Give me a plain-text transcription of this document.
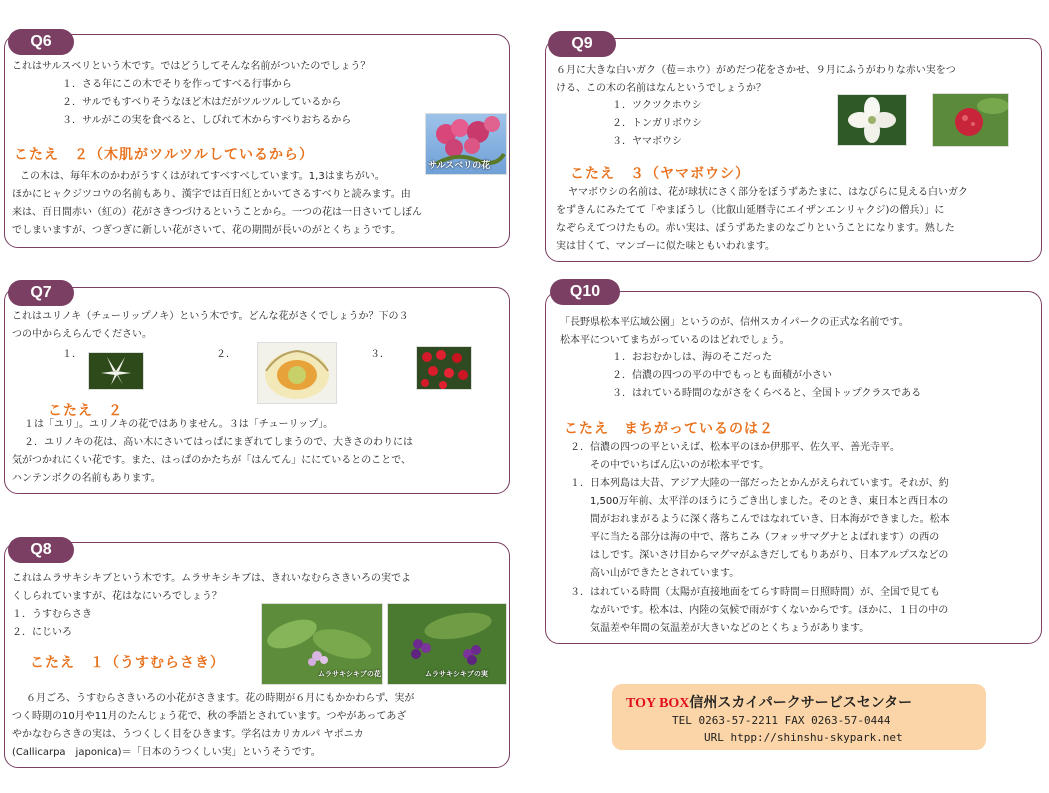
Q6
これはサルスベリという木です。ではどうしてそんな名前がついたのでしょう？
１．さる年にこの木でそりを作ってすべる行事から
２．サルでもすべりそうなほど木はだがツルツルしているから
３．サルがこの実を食べると、しびれて木からすべりおちるから
サルスベリの花
こたえ　２（木肌がツルツルしているから）
この木は、毎年木のかわがうすくはがれてすべすべしています。1,3はまちがい。
ほかにヒャクジツコウの名前もあり、漢字では百日紅とかいてさるすべりと読みます。由
来は、百日間赤い（紅の）花がさきつづけるということから。一つの花は一日さいてしぼん
でしまいますが、つぎつぎに新しい花がさいて、花の期間が長いのがとくちょうです。
Q7
これはユリノキ（チューリップノキ）という木です。どんな花がさくでしょうか？下の３
つの中からえらんでください。
１．	２．	３．
こたえ　２
１は「ユリ」。ユリノキの花ではありません。３は「チューリップ」。
２．ユリノキの花は、高い木にさいてはっぱにまぎれてしまうので、大きさのわりには
気がつかれにくい花です。また、はっぱのかたちが「はんてん」ににているとのことで、
ハンテンボクの名前もあります。
Q8
これはムラサキシキブという木です。ムラサキシキブは、きれいなむらさきいろの実でよ
くしられていますが、花はなにいろでしょう？
１．うすむらさき
２．にじいろ
ムラサキシキブの花	ムラサキシキブの実
こたえ　１（うすむらさき）
６月ごろ、うすむらさきいろの小花がさきます。花の時期が６月にもかかわらず、実が
つく時期の10月や11月のたんじょう花で、秋の季語とされています。つやがあってあざ
やかなむらさきの実は、うつくしく目をひきます。学名はカリカルパ ヤポニカ
(Callicarpa　japonica)＝「日本のうつくしい実」というそうです。
Q9
６月に大きな白いガク（苞＝ホウ）がめだつ花をさかせ、９月にふうがわりな赤い実をつ
ける、この木の名前はなんというでしょうか？
１．ツクツクホウシ
２．トンガリボウシ
３．ヤマボウシ
こたえ　３（ヤマボウシ）
ヤマボウシの名前は、花が球状にさく部分をぼうずあたまに、はなびらに見える白いガク
をずきんにみたてて「やまぼうし（比叡山延暦寺にエイザンエンリャクジ)の僧兵）」に
なぞらえてつけたもの。赤い実は、ぼうずあたまのなごりということになります。熟した
実は甘くて、マンゴーに似た味ともいわれます。
Q10
「長野県松本平広域公園」というのが、信州スカイパークの正式な名前です。
松本平についてまちがっているのはどれでしょう。
１．おおむかしは、海のそこだった
２．信濃の四つの平の中でもっとも面積が小さい
３．はれている時間のながさをくらべると、全国トップクラスである
こたえ　まちがっているのは２
２．信濃の四つの平といえば、松本平のほか伊那平、佐久平、善光寺平。
その中でいちばん広いのが松本平です。
１．日本列島は大昔、アジア大陸の一部だったとかんがえられています。それが、約
1,500万年前、太平洋のほうにうごき出しました。そのとき、東日本と西日本の
間がおれまがるように深く落ちこんではなれていき、日本海ができました。松本
平に当たる部分は海の中で、落ちこみ（フォッサマグナとよばれます）の西の
はしです。深いさけ目からマグマがふきだしてもりあがり、日本アルプスなどの
高い山ができたとされています。
３．はれている時間（太陽が直接地面をてらす時間＝日照時間）が、全国で見ても
ながいです。松本は、内陸の気候で雨がすくないからです。ほかに、１日の中の
気温差や年間の気温差が大きいなどのとくちょうがあります。
TOY BOX信州スカイパークサービスセンター
TEL 0263-57-2211 FAX 0263-57-0444
URL htpp://shinshu-skypark.net
